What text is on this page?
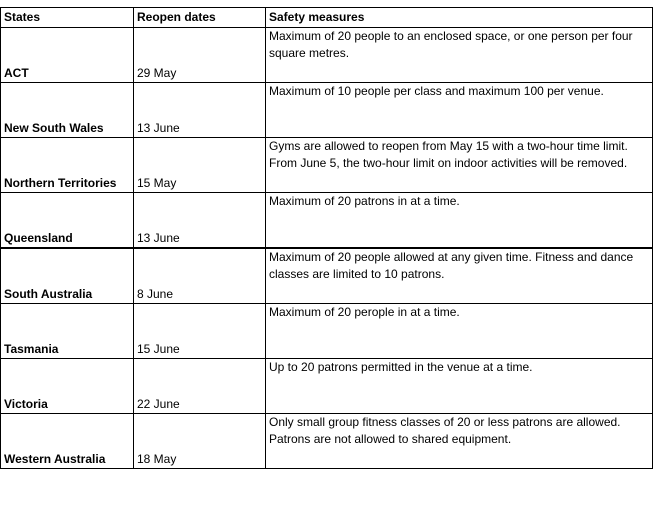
States	Reopen dates	Safety measures
ACT	29 May	Maximum of 20 people to an enclosed space, or one person per four square metres.
New South Wales	13 June	Maximum of 10 people per class and maximum 100 per venue.
Northern Territories	15 May	Gyms are allowed to reopen from May 15 with a two-hour time limit. From June 5, the two-hour limit on indoor activities will be removed.
Queensland	13 June	Maximum of 20 patrons in at a time.
South Australia	8 June	Maximum of 20 people allowed at any given time. Fitness and dance classes are limited to 10 patrons.
Tasmania	15 June	Maximum of 20 perople in at a time.
Victoria	22 June	Up to 20 patrons permitted in the venue at a time.
Western Australia	18 May	Only small group fitness classes of 20 or less patrons are allowed. Patrons are not allowed to shared equipment.
